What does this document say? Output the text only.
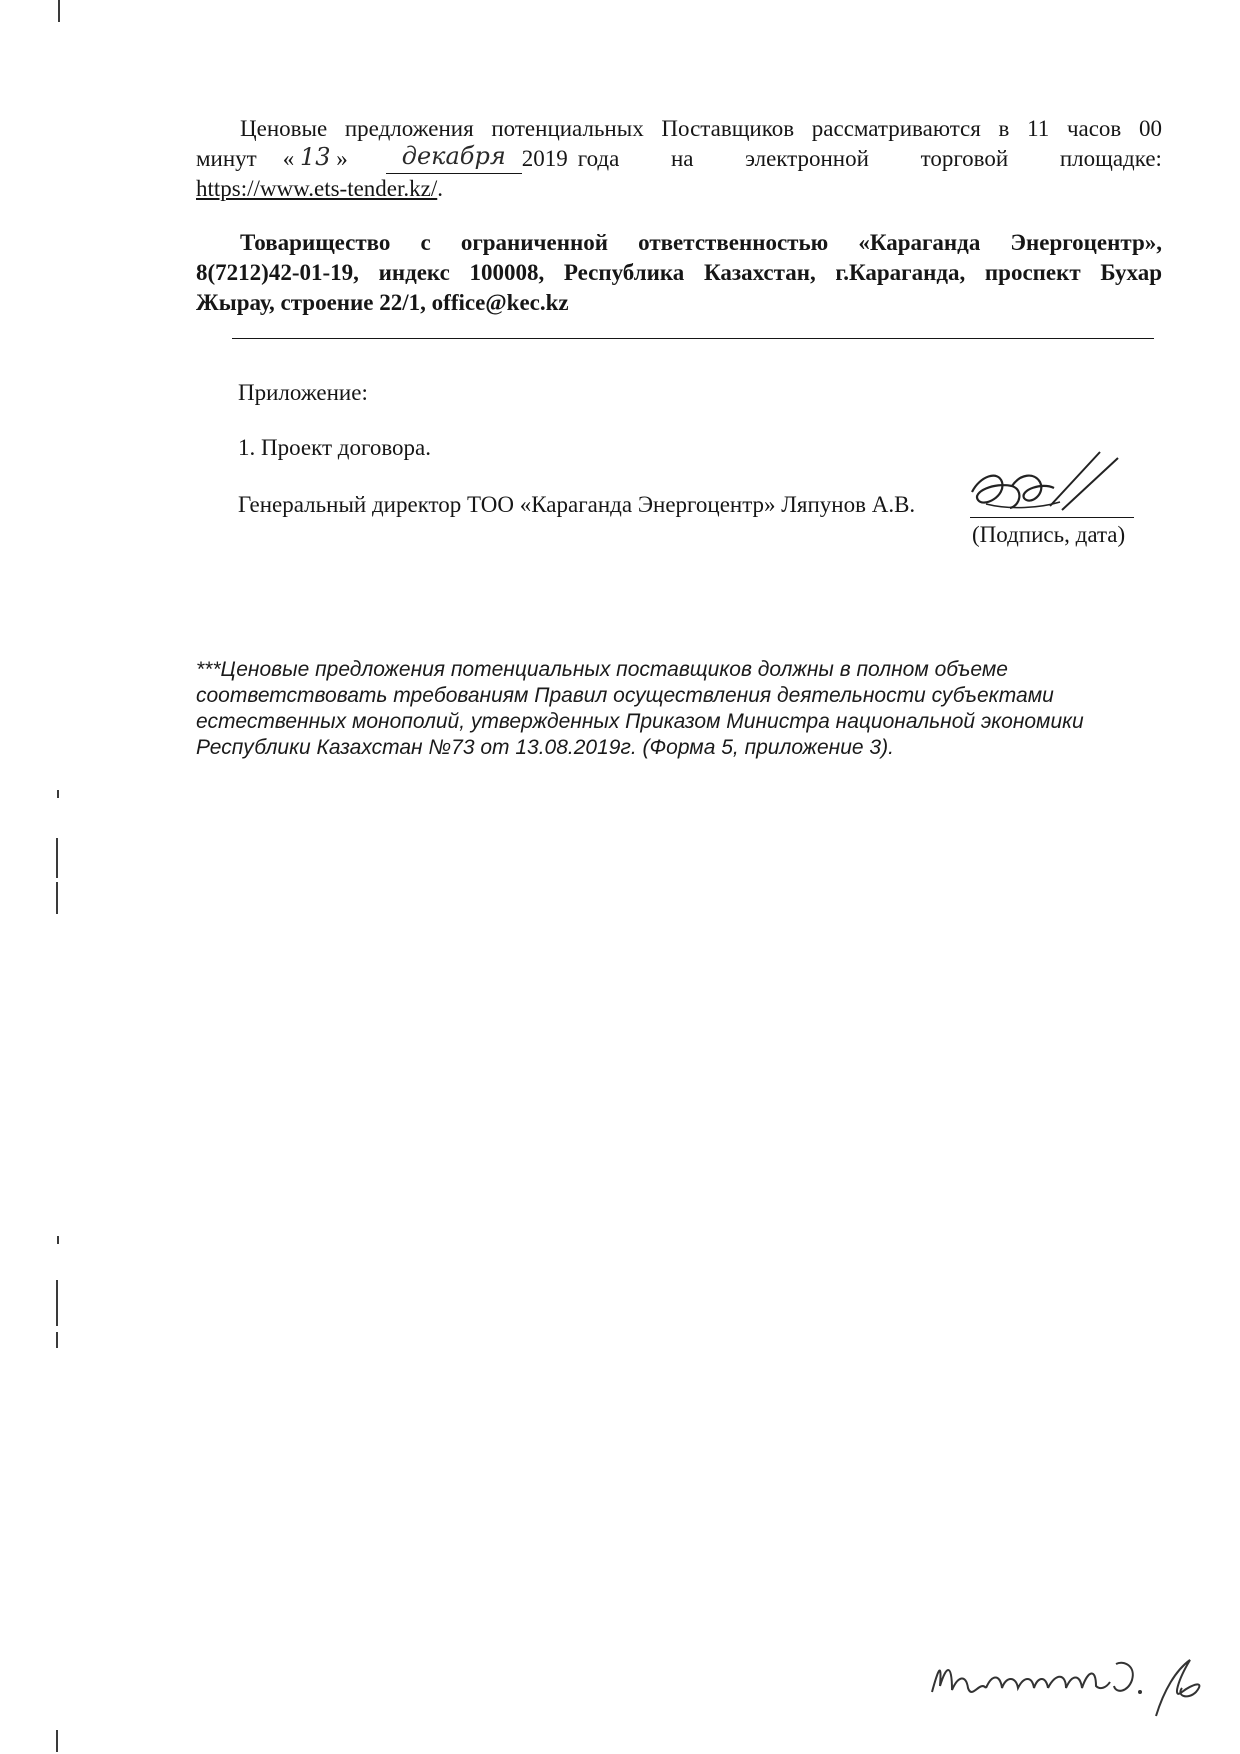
Ценовые предложения потенциальных Поставщиков рассматриваются в 11 часов 00
минут « 13 »	декабря 2019 года на электронной торговой площадке:
https://www.ets-tender.kz/.
Товарищество с ограниченной ответственностью «Караганда Энергоцентр»,
8(7212)42-01-19, индекс 100008, Республика Казахстан, г.Караганда, проспект Бухар
Жырау, строение 22/1, office@kec.kz
Приложение:
1. Проект договора.
Генеральный директор ТОО «Караганда Энергоцентр» Ляпунов А.В.
(Подпись, дата)
***Ценовые предложения потенциальных поставщиков должны в полном объеме
соответствовать требованиям Правил осуществления деятельности субъектами
естественных монополий, утвержденных Приказом Министра национальной экономики
Республики Казахстан №73 от 13.08.2019г. (Форма 5, приложение 3).
